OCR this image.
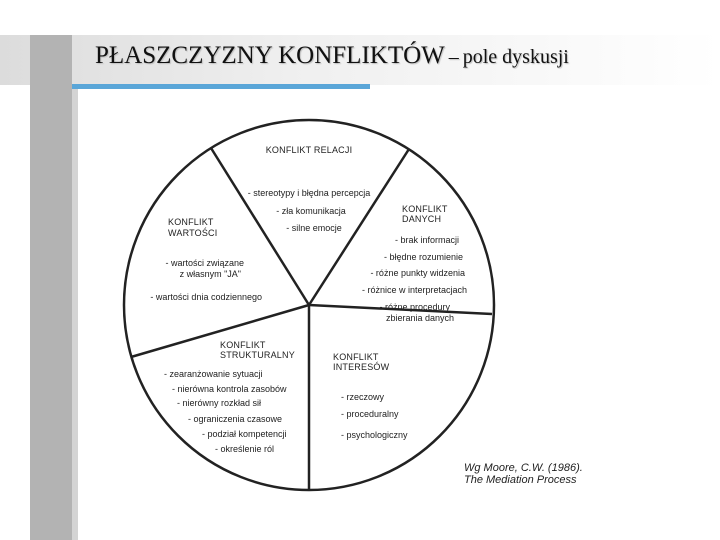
PŁASZCZYZNY KONFLIKTÓW – pole dyskusji
KONFLIKT RELACJI
- stereotypy i błędna percepcja
- zła komunikacja
- silne emocje
KONFLIKT
DANYCH
- brak informacji
- błędne rozumienie
- różne punkty widzenia
- różnice w interpretacjach
- różne procedury
zbierania danych
KONFLIKT
WARTOŚCI
- wartości związane
z własnym "JA"
- wartości dnia codziennego
KONFLIKT
STRUKTURALNY
- zearanżowanie sytuacji
- nierówna kontrola zasobów
- nierówny rozkład sił
- ograniczenia czasowe
- podział kompetencji
- określenie ról
KONFLIKT
INTERESÓW
- rzeczowy
- proceduralny
- psychologiczny
Wg Moore, C.W. (1986).
The Mediation Process
